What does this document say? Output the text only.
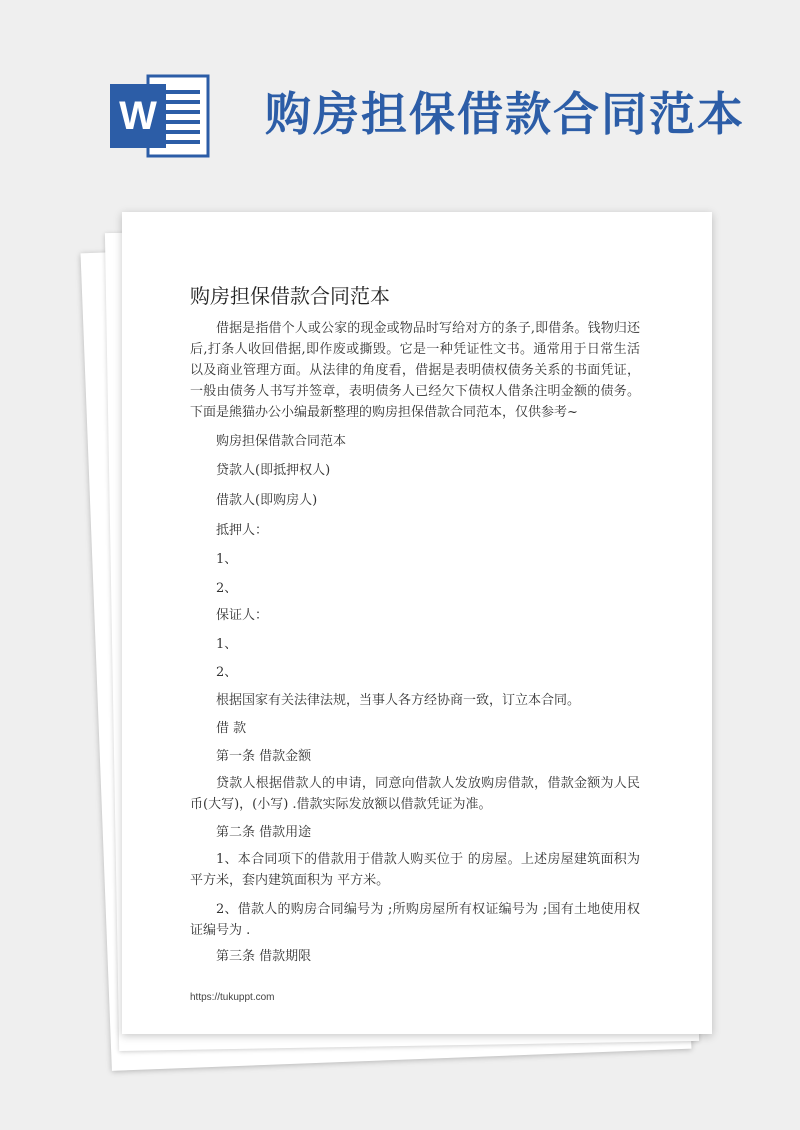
W 购房担保借款合同范本
购房担保借款合同范本

借据是指借个人或公家的现金或物品时写给对方的条子,即借条。钱物归还后,打条人收回借据,即作废或撕毁。它是一种凭证性文书。通常用于日常生活以及商业管理方面。从法律的角度看，借据是表明债权债务关系的书面凭证，一般由债务人书写并签章，表明债务人已经欠下债权人借条注明金额的债务。下面是熊猫办公小编最新整理的购房担保借款合同范本，仅供参考~

购房担保借款合同范本
贷款人(即抵押权人)
借款人(即购房人)
抵押人：
1、
2、
保证人：
1、
2、
根据国家有关法律法规，当事人各方经协商一致，订立本合同。
借 款
第一条 借款金额

贷款人根据借款人的申请，同意向借款人发放购房借款，借款金额为人民币(大写)，(小写) .借款实际发放额以借款凭证为准。

第二条 借款用途

1、本合同项下的借款用于借款人购买位于 的房屋。上述房屋建筑面积为 平方米，套内建筑面积为 平方米。

2、借款人的购房合同编号为 ;所购房屋所有权证编号为 ;国有土地使用权证编号为 .

第三条 借款期限
https://tukuppt.com
